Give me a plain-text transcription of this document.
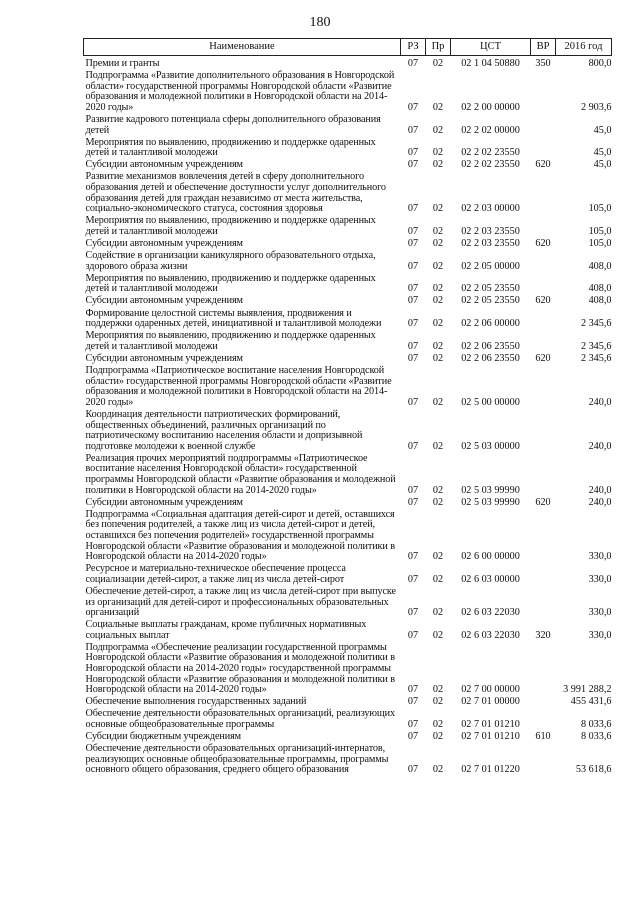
180
Наименование	РЗ	Пр	ЦСТ	ВР	2016 год
Премии и гранты	07	02	02 1 04 50880	350	800,0
Подпрограмма «Развитие дополнительного образования в Новгородской области» государственной программы Новгородской области «Развитие образования и молодежной политики в Новгородской области на 2014-2020 годы»	07	02	02 2 00 00000		2 903,6
Развитие кадрового потенциала сферы дополнительного образования детей	07	02	02 2 02 00000		45,0
Мероприятия по выявлению, продвижению и поддержке одаренных детей и талантливой молодежи	07	02	02 2 02 23550		45,0
Субсидии автономным учреждениям	07	02	02 2 02 23550	620	45,0
Развитие механизмов вовлечения детей в сферу дополнительного образования детей и обеспечение доступности услуг дополнительного образования детей для граждан независимо от места жительства, социально-экономического статуса, состояния здоровья	07	02	02 2 03 00000		105,0
Мероприятия по выявлению, продвижению и поддержке одаренных детей и талантливой молодежи	07	02	02 2 03 23550		105,0
Субсидии автономным учреждениям	07	02	02 2 03 23550	620	105,0
Содействие в организации каникулярного образовательного отдыха, здорового образа жизни	07	02	02 2 05 00000		408,0
Мероприятия по выявлению, продвижению и поддержке одаренных детей и талантливой молодежи	07	02	02 2 05 23550		408,0
Субсидии автономным учреждениям	07	02	02 2 05 23550	620	408,0
Формирование целостной системы выявления, продвижения и поддержки одаренных детей, инициативной и талантливой молодежи	07	02	02 2 06 00000		2 345,6
Мероприятия по выявлению, продвижению и поддержке одаренных детей и талантливой молодежи	07	02	02 2 06 23550		2 345,6
Субсидии автономным учреждениям	07	02	02 2 06 23550	620	2 345,6
Подпрограмма «Патриотическое воспитание населения Новгородской области» государственной программы Новгородской области «Развитие образования и молодежной политики в Новгородской области на 2014-2020 годы»	07	02	02 5 00 00000		240,0
Координация деятельности патриотических формирований, общественных объединений, различных организаций по патриотическому воспитанию населения области и допризывной подготовке молодежи к военной службе	07	02	02 5 03 00000		240,0
Реализация прочих мероприятий подпрограммы «Патриотическое воспитание населения Новгородской области» государственной программы Новгородской области «Развитие образования и молодежной политики в Новгородской области на 2014-2020 годы»	07	02	02 5 03 99990		240,0
Субсидии автономным учреждениям	07	02	02 5 03 99990	620	240,0
Подпрограмма «Социальная адаптация детей-сирот и детей, оставшихся без попечения родителей, а также лиц из числа детей-сирот и детей, оставшихся без попечения родителей» государственной программы Новгородской области «Развитие образования и молодежной политики в Новгородской области на 2014-2020 годы»	07	02	02 6 00 00000		330,0
Ресурсное и материально-техническое обеспечение процесса социализации детей-сирот, а также лиц из числа детей-сирот	07	02	02 6 03 00000		330,0
Обеспечение детей-сирот, а также лиц из числа детей-сирот при выпуске из организаций для детей-сирот и профессиональных образовательных организаций	07	02	02 6 03 22030		330,0
Социальные выплаты гражданам, кроме публичных нормативных социальных выплат	07	02	02 6 03 22030	320	330,0
Подпрограмма «Обеспечение реализации государственной программы Новгородской области «Развитие образования и молодежной политики в Новгородской области на 2014-2020 годы» государственной программы Новгородской области «Развитие образования и молодежной политики в Новгородской области на 2014-2020 годы»	07	02	02 7 00 00000		3 991 288,2
Обеспечение выполнения государственных заданий	07	02	02 7 01 00000		455 431,6
Обеспечение деятельности образовательных организаций, реализующих основные общеобразовательные программы	07	02	02 7 01 01210		8 033,6
Субсидии бюджетным учреждениям	07	02	02 7 01 01210	610	8 033,6
Обеспечение деятельности образовательных организаций-интернатов, реализующих основные общеобразовательные программы, программы основного общего образования, среднего общего образования	07	02	02 7 01 01220		53 618,6
